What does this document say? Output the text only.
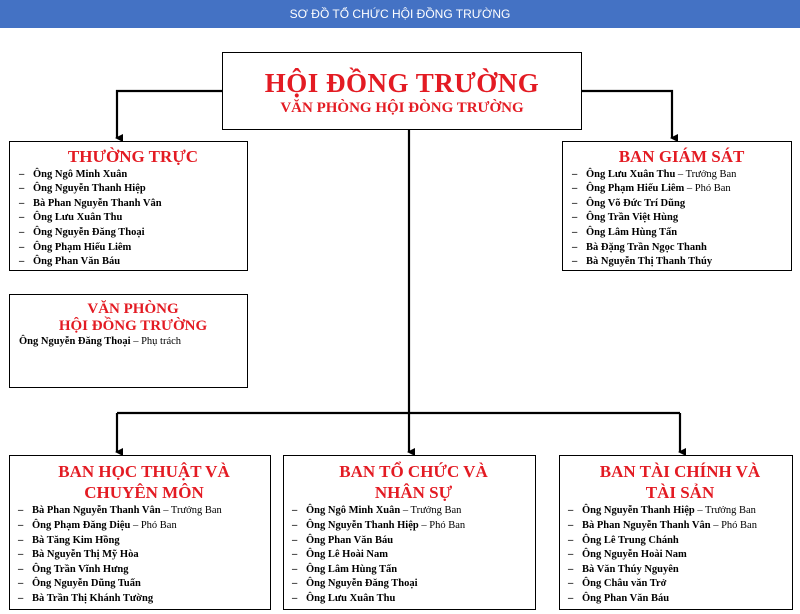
SƠ ĐỒ TỔ CHỨC HỘI ĐỒNG TRƯỜNG
HỘI ĐỒNG TRƯỜNG
VĂN PHÒNG HỘI ĐÒNG TRƯỜNG
THƯỜNG TRỰC
– Ông Ngô Minh Xuân
– Ông Nguyễn Thanh Hiệp
– Bà Phan Nguyễn Thanh Vân
– Ông Lưu Xuân Thu
– Ông Nguyễn Đăng Thoại
– Ông Phạm Hiếu Liêm
– Ông Phan Văn Báu
BAN GIÁM SÁT
– Ông Lưu Xuân Thu – Trưởng Ban
– Ông Phạm Hiếu Liêm – Phó Ban
– Ông Võ Đức Trí Dũng
– Ông Trần Việt Hùng
– Ông Lâm Hùng Tấn
– Bà Đặng Trần Ngọc Thanh
– Bà Nguyễn Thị Thanh Thúy
VĂN PHÒNG
HỘI ĐỒNG TRƯỜNG
Ông Nguyễn Đăng Thoại – Phụ trách
BAN HỌC THUẬT VÀ
CHUYÊN MÔN
– Bà Phan Nguyễn Thanh Vân – Trưởng Ban
– Ông Phạm Đăng Diệu – Phó Ban
– Bà Tăng Kim Hồng
– Bà Nguyễn Thị Mỹ Hòa
– Ông Trần Vĩnh Hưng
– Ông Nguyễn Dũng Tuấn
– Bà Trần Thị Khánh Tường
BAN TỔ CHỨC VÀ
NHÂN SỰ
– Ông Ngô Minh Xuân – Trưởng Ban
– Ông Nguyễn Thanh Hiệp – Phó Ban
– Ông Phan Văn Báu
– Ông Lê Hoài Nam
– Ông Lâm Hùng Tấn
– Ông Nguyễn Đăng Thoại
– Ông Lưu Xuân Thu
BAN TÀI CHÍNH VÀ
TÀI SẢN
– Ông Nguyễn Thanh Hiệp – Trưởng Ban
– Bà Phan Nguyễn Thanh Vân – Phó Ban
– Ông Lê Trung Chánh
– Ông Nguyễn Hoài Nam
– Bà Văn Thúy Nguyên
– Ông Châu văn Trở
– Ông Phan Văn Báu
